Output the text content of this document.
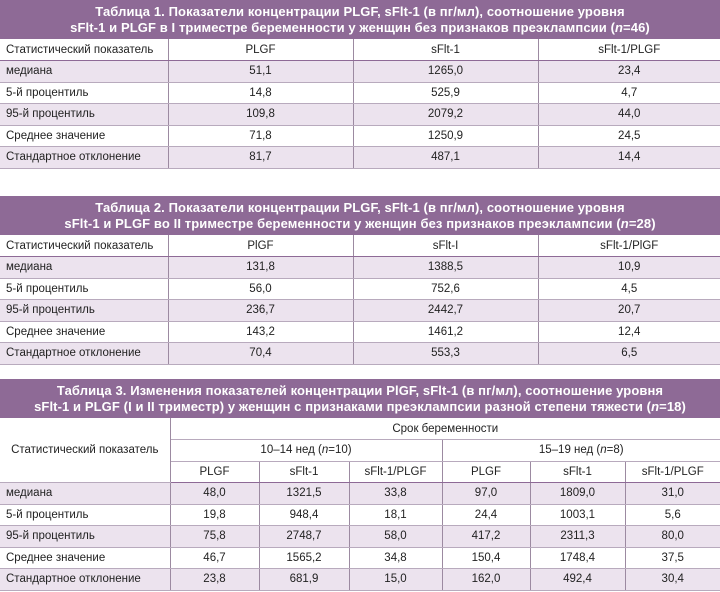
Таблица 1. Показатели концентрации PLGF, sFlt-1 (в пг/мл), соотношение уровня
sFlt-1 и PLGF в I триместре беременности у женщин без признаков преэклампсии (n=46)
Статистический показатель	PLGF	sFlt-1	sFlt-1/PLGF
медиана	51,1	1265,0	23,4
5-й процентиль	14,8	525,9	4,7
95-й процентиль	109,8	2079,2	44,0
Среднее значение	71,8	1250,9	24,5
Стандартное отклонение	81,7	487,1	14,4
Таблица 2. Показатели концентрации PLGF, sFlt-1 (в пг/мл), соотношение уровня
sFlt-1 и PLGF во II триместре беременности у женщин без признаков преэклампсии (n=28)
Статистический показатель	PlGF	sFlt-I	sFlt-1/PlGF
медиана	131,8	1388,5	10,9
5-й процентиль	56,0	752,6	4,5
95-й процентиль	236,7	2442,7	20,7
Среднее значение	143,2	1461,2	12,4
Стандартное отклонение	70,4	553,3	6,5
Таблица 3. Изменения показателей концентрации PlGF, sFlt-1 (в пг/мл), соотношение уровня
sFlt-1 и PLGF (I и II триместр) у женщин с признаками преэклампсии разной степени тяжести (n=18)
Статистический показатель	Срок беременности					
	10–14 нед (n=10)			15–19 нед (n=8)		
	PLGF	sFlt-1	sFlt-1/PLGF	PLGF	sFlt-1	sFlt-1/PLGF
медиана	48,0	1321,5	33,8	97,0	1809,0	31,0
5-й процентиль	19,8	948,4	18,1	24,4	1003,1	5,6
95-й процентиль	75,8	2748,7	58,0	417,2	2311,3	80,0
Среднее значение	46,7	1565,2	34,8	150,4	1748,4	37,5
Стандартное отклонение	23,8	681,9	15,0	162,0	492,4	30,4
